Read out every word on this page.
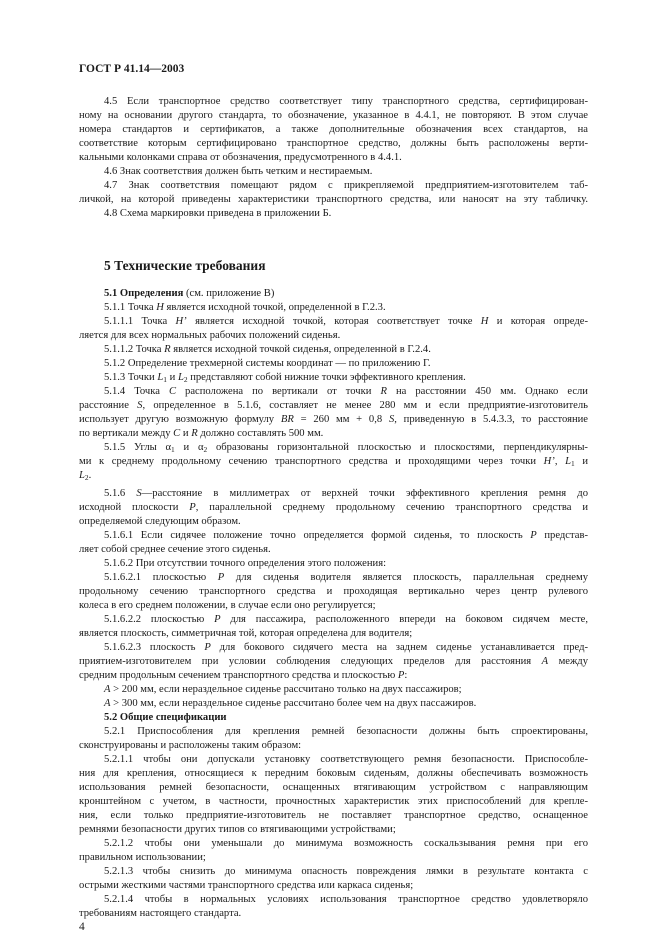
ГОСТ Р 41.14—2003
4.5 Если транспортное средство соответствует типу транспортного средства, сертифицирован-
ному на основании другого стандарта, то обозначение, указанное в 4.4.1, не повторяют. В этом случае
номера стандартов и сертификатов, а также дополнительные обозначения всех стандартов, на
соответствие которым сертифицировано транспортное средство, должны быть расположены верти-
кальными колонками справа от обозначения, предусмотренного в 4.4.1.
4.6 Знак соответствия должен быть четким и нестираемым.
4.7 Знак соответствия помещают рядом с прикрепляемой предприятием-изготовителем таб-
личкой, на которой приведены характеристики транспортного средства, или наносят на эту табличку.
4.8 Схема маркировки приведена в приложении Б.
5 Технические требования
5.1 Определения (см. приложение В)
5.1.1 Точка H является исходной точкой, определенной в Г.2.3.
5.1.1.1 Точка H’ является исходной точкой, которая соответствует точке H и которая опреде-
ляется для всех нормальных рабочих положений сиденья.
5.1.1.2 Точка R является исходной точкой сиденья, определенной в Г.2.4.
5.1.2 Определение трехмерной системы координат — по приложению Г.
5.1.3 Точки $L_1$ и $L_2$ представляют собой нижние точки эффективного крепления.
5.1.4 Точка C расположена по вертикали от точки R на расстоянии 450 мм. Однако если
расстояние S, определенное в 5.1.6, составляет не менее 280 мм и если предприятие-изготовитель
использует другую возможную формулу BR = 260 мм + 0,8 S, приведенную в 5.4.3.3, то расстояние
по вертикали между C и R должно составлять 500 мм.
5.1.5 Углы $\alpha_1$ и $\alpha_2$ образованы горизонтальной плоскостью и плоскостями, перпендикулярны-
ми к среднему продольному сечению транспортного средства и проходящими через точки H’, $L_1$ и
$L_2$.
5.1.6 S—расстояние в миллиметрах от верхней точки эффективного крепления ремня до
исходной плоскости P, параллельной среднему продольному сечению транспортного средства и
определяемой следующим образом.
5.1.6.1 Если сидячее положение точно определяется формой сиденья, то плоскость P представ-
ляет собой среднее сечение этого сиденья.
5.1.6.2 При отсутствии точного определения этого положения:
5.1.6.2.1 плоскостью P для сиденья водителя является плоскость, параллельная среднему
продольному сечению транспортного средства и проходящая вертикально через центр рулевого
колеса в его среднем положении, в случае если оно регулируется;
5.1.6.2.2 плоскостью P для пассажира, расположенного впереди на боковом сидячем месте,
является плоскость, симметричная той, которая определена для водителя;
5.1.6.2.3 плоскость P для бокового сидячего места на заднем сиденье устанавливается пред-
приятием-изготовителем при условии соблюдения следующих пределов для расстояния A между
средним продольным сечением транспортного средства и плоскостью P:
A > 200 мм, если нераздельное сиденье рассчитано только на двух пассажиров;
A > 300 мм, если нераздельное сиденье рассчитано более чем на двух пассажиров.
5.2 Общие спецификации
5.2.1 Приспособления для крепления ремней безопасности должны быть спроектированы,
сконструированы и расположены таким образом:
5.2.1.1 чтобы они допускали установку соответствующего ремня безопасности. Приспособле-
ния для крепления, относящиеся к передним боковым сиденьям, должны обеспечивать возможность
использования ремней безопасности, оснащенных втягивающим устройством с направляющим
кронштейном с учетом, в частности, прочностных характеристик этих приспособлений для крепле-
ния, если только предприятие-изготовитель не поставляет транспортное средство, оснащенное
ремнями безопасности других типов со втягивающими устройствами;
5.2.1.2 чтобы они уменьшали до минимума возможность соскальзывания ремня при его
правильном использовании;
5.2.1.3 чтобы снизить до минимума опасность повреждения лямки в результате контакта с
острыми жесткими частями транспортного средства или каркаса сиденья;
5.2.1.4 чтобы в нормальных условиях использования транспортное средство удовлетворяло
требованиям настоящего стандарта.
4
